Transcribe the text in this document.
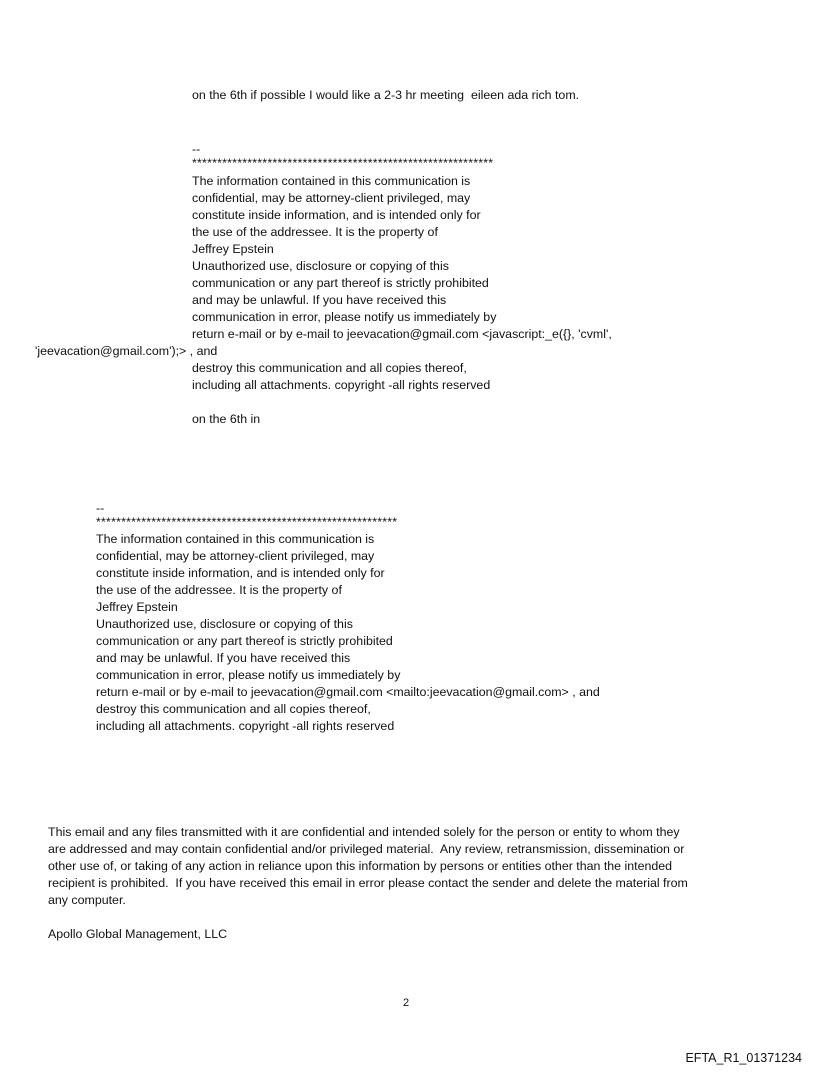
on the 6th if possible I would like a 2-3 hr meeting  eileen ada rich tom.
--
************************************************************
The information contained in this communication is
confidential, may be attorney-client privileged, may
constitute inside information, and is intended only for
the use of the addressee. It is the property of
Jeffrey Epstein
Unauthorized use, disclosure or copying of this
communication or any part thereof is strictly prohibited
and may be unlawful. If you have received this
communication in error, please notify us immediately by
return e-mail or by e-mail to jeevacation@gmail.com <javascript:_e({}, 'cvml',
'jeevacation@gmail.com');> , and
destroy this communication and all copies thereof,
including all attachments. copyright -all rights reserved
on the 6th in
--
************************************************************
The information contained in this communication is
confidential, may be attorney-client privileged, may
constitute inside information, and is intended only for
the use of the addressee. It is the property of
Jeffrey Epstein
Unauthorized use, disclosure or copying of this
communication or any part thereof is strictly prohibited
and may be unlawful. If you have received this
communication in error, please notify us immediately by
return e-mail or by e-mail to jeevacation@gmail.com <mailto:jeevacation@gmail.com> , and
destroy this communication and all copies thereof,
including all attachments. copyright -all rights reserved
This email and any files transmitted with it are confidential and intended solely for the person or entity to whom they
are addressed and may contain confidential and/or privileged material.  Any review, retransmission, dissemination or
other use of, or taking of any action in reliance upon this information by persons or entities other than the intended
recipient is prohibited.  If you have received this email in error please contact the sender and delete the material from
any computer.
Apollo Global Management, LLC
2
EFTA_R1_01371234
